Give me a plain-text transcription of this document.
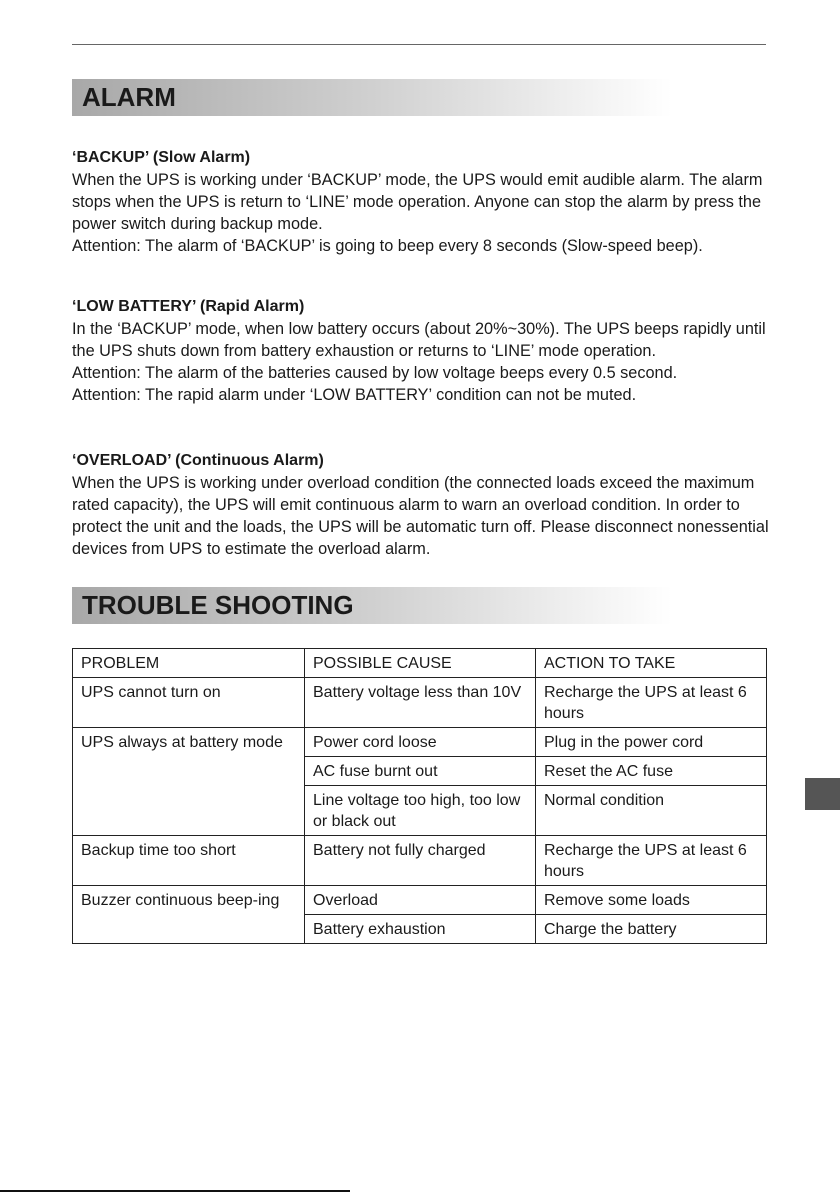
ALARM
‘BACKUP’ (Slow Alarm)

When the UPS is working under ‘BACKUP’ mode, the UPS would emit audible alarm. The alarm stops when the UPS is return to ‘LINE’ mode operation. Anyone can stop the alarm by press the power switch during backup mode.

Attention: The alarm of ‘BACKUP’ is going to beep every 8 seconds (Slow-speed beep).

‘LOW BATTERY’ (Rapid Alarm)

In the ‘BACKUP’ mode, when low battery occurs (about 20%~30%). The UPS beeps rapidly until the UPS shuts down from battery exhaustion or returns to ‘LINE’ mode operation.

Attention: The alarm of the batteries caused by low voltage beeps every 0.5 second.

Attention: The rapid alarm under ‘LOW BATTERY’ condition can not be muted.

‘OVERLOAD’ (Continuous Alarm)

When the UPS is working under overload condition (the connected loads exceed the maximum rated capacity), the UPS will emit continuous alarm to warn an overload condition. In order to protect the unit and the loads, the UPS will be automatic turn off. Please disconnect nonessential devices from UPS to estimate the overload alarm.

TROUBLE SHOOTING
PROBLEM	POSSIBLE CAUSE	ACTION TO TAKE
UPS cannot turn on	Battery voltage less than 10V	Recharge the UPS at least 6 hours
UPS always at battery mode	Power cord loose	Plug in the power cord
	AC fuse burnt out	Reset the AC fuse
	Line voltage too high, too low or black out	Normal condition
Backup time too short	Battery not fully charged	Recharge the UPS at least 6 hours
Buzzer continuous beep-ing	Overload	Remove some loads
	Battery exhaustion	Charge the battery
